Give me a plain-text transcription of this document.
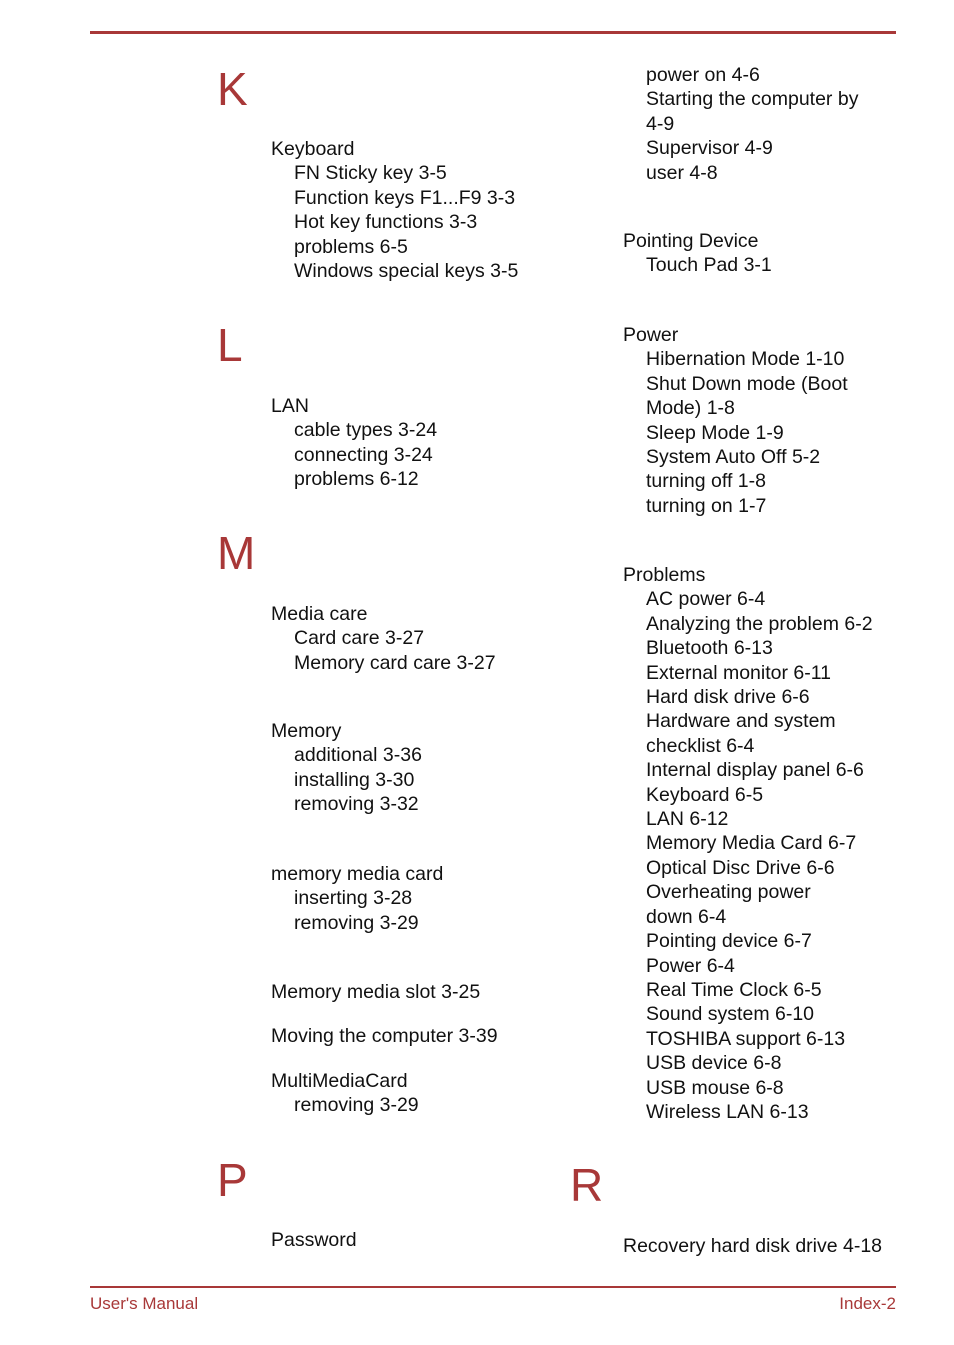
K
Keyboard
FN Sticky key 3-5
Function keys F1...F9 3-3
Hot key functions 3-3
problems 6-5
Windows special keys 3-5
L
LAN
cable types 3-24
connecting 3-24
problems 6-12
M
Media care
Card care 3-27
Memory card care 3-27
Memory
additional 3-36
installing 3-30
removing 3-32
memory media card
inserting 3-28
removing 3-29
Memory media slot 3-25
Moving the computer 3-39
MultiMediaCard
removing 3-29
P
Password
power on 4-6
Starting the computer by
4-9
Supervisor 4-9
user 4-8
Pointing Device
Touch Pad 3-1
Power
Hibernation Mode 1-10
Shut Down mode (Boot
Mode) 1-8
Sleep Mode 1-9
System Auto Off 5-2
turning off 1-8
turning on 1-7
Problems
AC power 6-4
Analyzing the problem 6-2
Bluetooth 6-13
External monitor 6-11
Hard disk drive 6-6
Hardware and system
checklist 6-4
Internal display panel 6-6
Keyboard 6-5
LAN 6-12
Memory Media Card 6-7
Optical Disc Drive 6-6
Overheating power
down 6-4
Pointing device 6-7
Power 6-4
Real Time Clock 6-5
Sound system 6-10
TOSHIBA support 6-13
USB device 6-8
USB mouse 6-8
Wireless LAN 6-13
R
Recovery hard disk drive 4-18
User's Manual	Index-2
